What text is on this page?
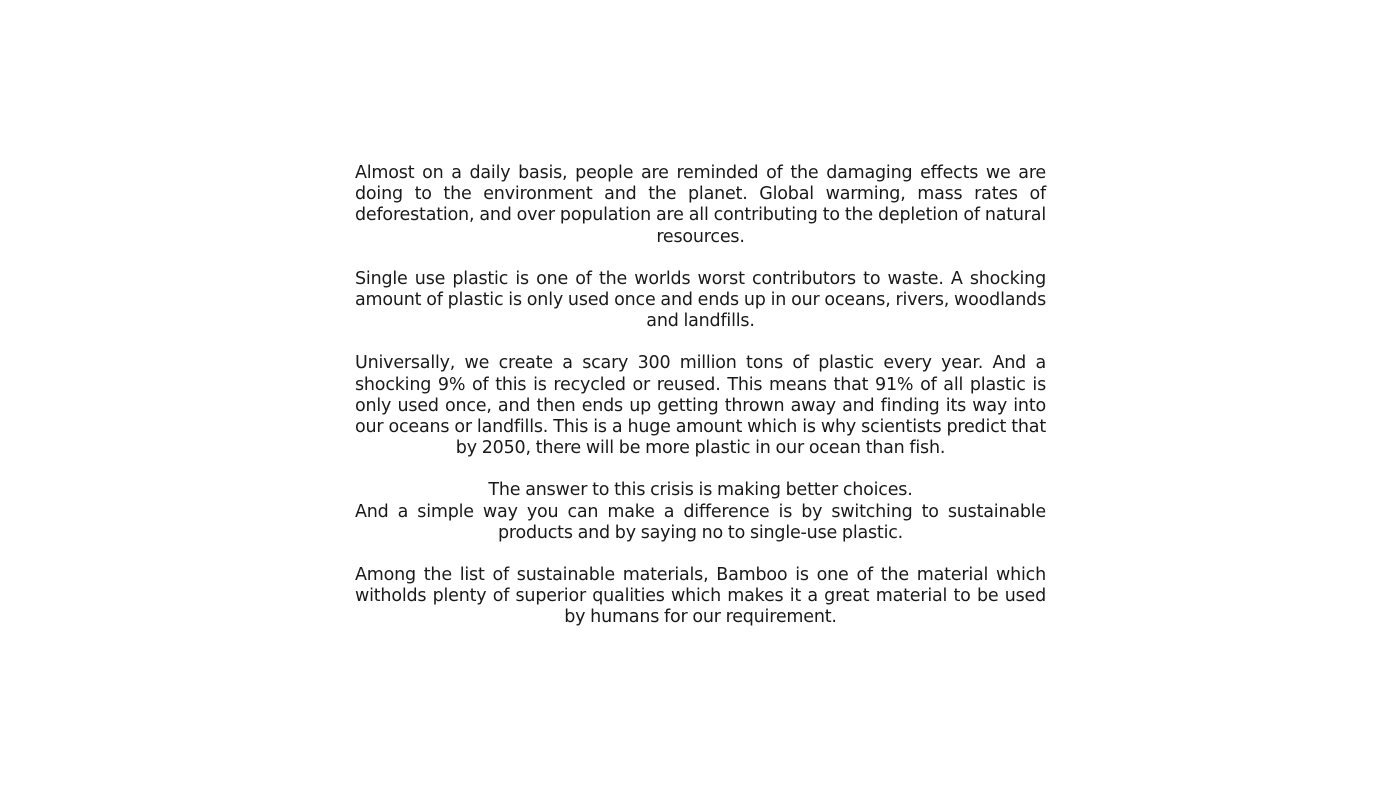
Almost on a daily basis, people are reminded of the damaging effects we are doing to the environment and the planet. Global warming, mass rates of deforestation, and over population are all contributing to the depletion of natural resources.

Single use plastic is one of the worlds worst contributors to waste. A shocking amount of plastic is only used once and ends up in our oceans, rivers, woodlands and landfills.

Universally, we create a scary 300 million tons of plastic every year. And a shocking 9% of this is recycled or reused. This means that 91% of all plastic is only used once, and then ends up getting thrown away and finding its way into our oceans or landfills. This is a huge amount which is why scientists predict that by 2050, there will be more plastic in our ocean than fish.

The answer to this crisis is making better choices.
And a simple way you can make a difference is by switching to sustainable products and by saying no to single-use plastic.

Among the list of sustainable materials, Bamboo is one of the material which witholds plenty of superior qualities which makes it a great material to be used by humans for our requirement.
